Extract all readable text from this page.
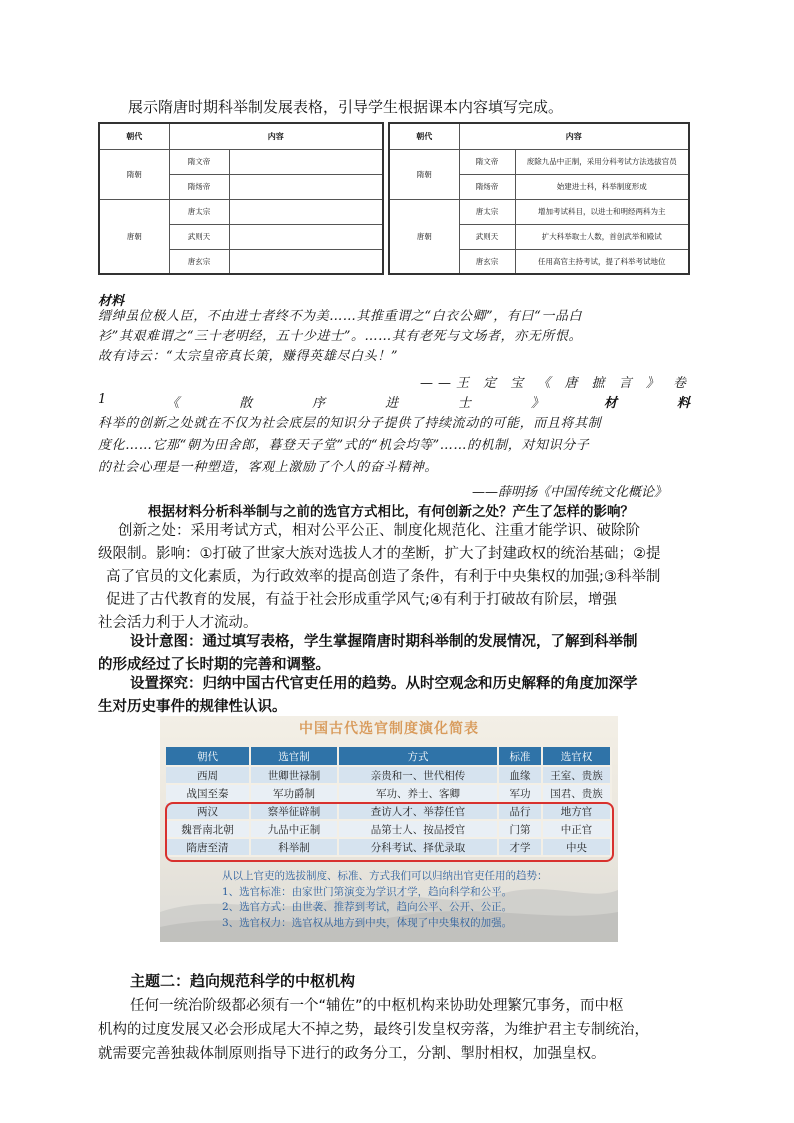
展示隋唐时期科举制发展表格，引导学生根据课本内容填写完成。
朝代	内容	
隋朝	隋文帝	
	隋炀帝	
唐朝	唐太宗	
	武则天	
	唐玄宗	
朝代	内容	
隋朝	隋文帝	废除九品中正制，采用分科考试方法选拔官员
	隋炀帝	始建进士科，科举制度形成
唐朝	唐太宗	增加考试科目，以进士和明经两科为主
	武则天	扩大科举取士人数，首创武举和殿试
	唐玄宗	任用高官主持考试，提了科举考试地位
材料
缙绅虽位极人臣，不由进士者终不为美……其推重谓之“白衣公卿”，有曰“一品白
衫”其艰难谓之“三十老明经，五十少进士”。……其有老死与文场者，亦无所恨。
故有诗云：“太宗皇帝真长策，赚得英雄尽白头！”
——王 定 宝 《 唐 摭 言 》 卷
1	《	散	序	进	士	》	材	料
科举的创新之处就在不仅为社会底层的知识分子提供了持续流动的可能，而且将其制
度化……它那“朝为田舍郎，暮登天子堂”式的“机会均等”……的机制，对知识分子
的社会心理是一种塑造，客观上激励了个人的奋斗精神。
——薛明扬《中国传统文化概论》
根据材料分析科举制与之前的选官方式相比，有何创新之处？产生了怎样的影响？
创新之处：采用考试方式，相对公平公正、制度化规范化、注重才能学识、破除阶
级限制。影响：①打破了世家大族对选拔人才的垄断，扩大了封建政权的统治基础；②提
高了官员的文化素质，为行政效率的提高创造了条件，有利于中央集权的加强;③科举制
促进了古代教育的发展，有益于社会形成重学风气;④有利于打破故有阶层，增强
社会活力利于人才流动。
设计意图：通过填写表格，学生掌握隋唐时期科举制的发展情况，了解到科举制
的形成经过了长时期的完善和调整。
设置探究：归纳中国古代官吏任用的趋势。从时空观念和历史解释的角度加深学
生对历史事件的规律性认识。
中国古代选官制度演化简表
朝代	选官制	方式	标准	选官权
西周	世卿世禄制	亲贵和一、世代相传	血缘	王室、贵族
战国至秦	军功爵制	军功、养士、客卿	军功	国君、贵族
两汉	察举征辟制	查访人才、举荐任官	品行	地方官
魏晋南北朝	九品中正制	品第士人、按品授官	门第	中正官
隋唐至清	科举制	分科考试、择优录取	才学	中央
从以上官吏的选拔制度、标准、方式我们可以归纳出官吏任用的趋势：
1、选官标准：由家世门第演变为学识才学，趋向科学和公平。
2、选官方式：由世袭、推荐到考试，趋向公平、公开、公正。
3、选官权力：选官权从地方到中央，体现了中央集权的加强。
主题二：趋向规范科学的中枢机构
任何一统治阶级都必须有一个“辅佐”的中枢机构来协助处理繁冗事务，而中枢
机构的过度发展又必会形成尾大不掉之势，最终引发皇权旁落，为维护君主专制统治，
就需要完善独裁体制原则指导下进行的政务分工，分割、掣肘相权，加强皇权。
